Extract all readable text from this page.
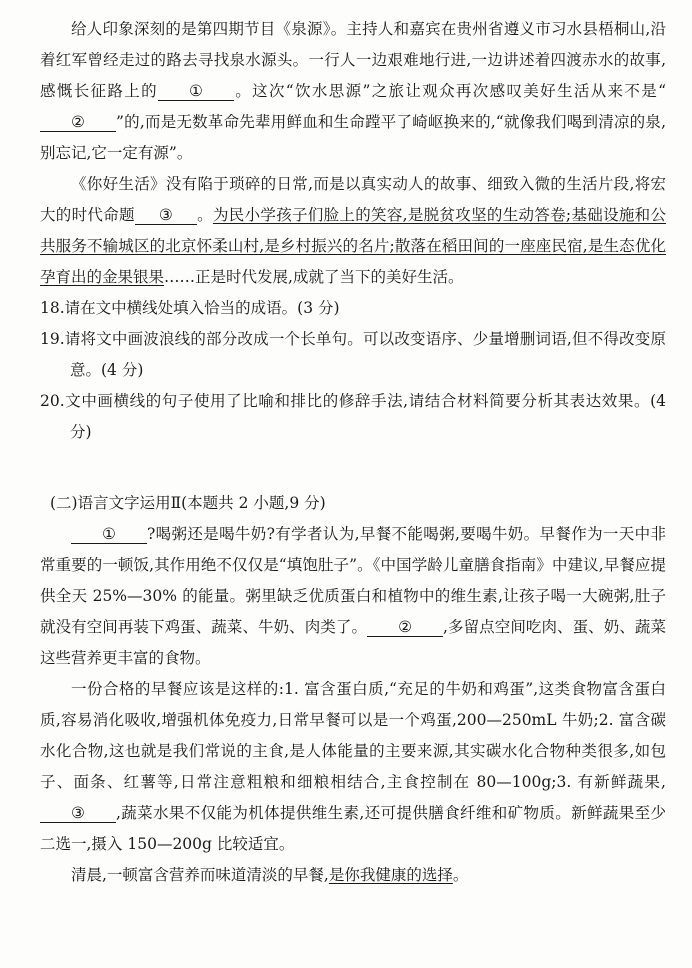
给人印象深刻的是第四期节目《泉源》。主持人和嘉宾在贵州省遵义市习水县梧桐山,沿着红军曾经走过的路去寻找泉水源头。一行人一边艰难地行进,一边讲述着四渡赤水的故事,感慨长征路上的 ① 。这次“饮水思源”之旅让观众再次感叹美好生活从来不是“② ”的,而是无数革命先辈用鲜血和生命蹚平了崎岖换来的,“就像我们喝到清凉的泉,别忘记,它一定有源”。

《你好生活》没有陷于琐碎的日常,而是以真实动人的故事、细致入微的生活片段,将宏大的时代命题 ③ 。为民小学孩子们脸上的笑容,是脱贫攻坚的生动答卷;基础设施和公共服务不输城区的北京怀柔山村,是乡村振兴的名片;散落在稻田间的一座座民宿,是生态优化孕育出的金果银果……正是时代发展,成就了当下的美好生活。

18.请在文中横线处填入恰当的成语。(3 分)

19.请将文中画波浪线的部分改成一个长单句。可以改变语序、少量增删词语,但不得改变原意。(4 分)

20.文中画横线的句子使用了比喻和排比的修辞手法,请结合材料简要分析其表达效果。(4 分)

(二)语言文字运用Ⅱ(本题共 2 小题,9 分)

① ?喝粥还是喝牛奶?有学者认为,早餐不能喝粥,要喝牛奶。早餐作为一天中非常重要的一顿饭,其作用绝不仅仅是“填饱肚子”。《中国学龄儿童膳食指南》中建议,早餐应提供全天 25%—30% 的能量。粥里缺乏优质蛋白和植物中的维生素,让孩子喝一大碗粥,肚子就没有空间再装下鸡蛋、蔬菜、牛奶、肉类了。 ② ,多留点空间吃肉、蛋、奶、蔬菜这些营养更丰富的食物。

一份合格的早餐应该是这样的:1. 富含蛋白质,“充足的牛奶和鸡蛋”,这类食物富含蛋白质,容易消化吸收,增强机体免疫力,日常早餐可以是一个鸡蛋,200—250mL 牛奶;2. 富含碳水化合物,这也就是我们常说的主食,是人体能量的主要来源,其实碳水化合物种类很多,如包子、面条、红薯等,日常注意粗粮和细粮相结合,主食控制在 80—100g;3. 有新鲜蔬果,③ ,蔬菜水果不仅能为机体提供维生素,还可提供膳食纤维和矿物质。新鲜蔬果至少二选一,摄入 150—200g 比较适宜。

清晨,一顿富含营养而味道清淡的早餐,是你我健康的选择。
